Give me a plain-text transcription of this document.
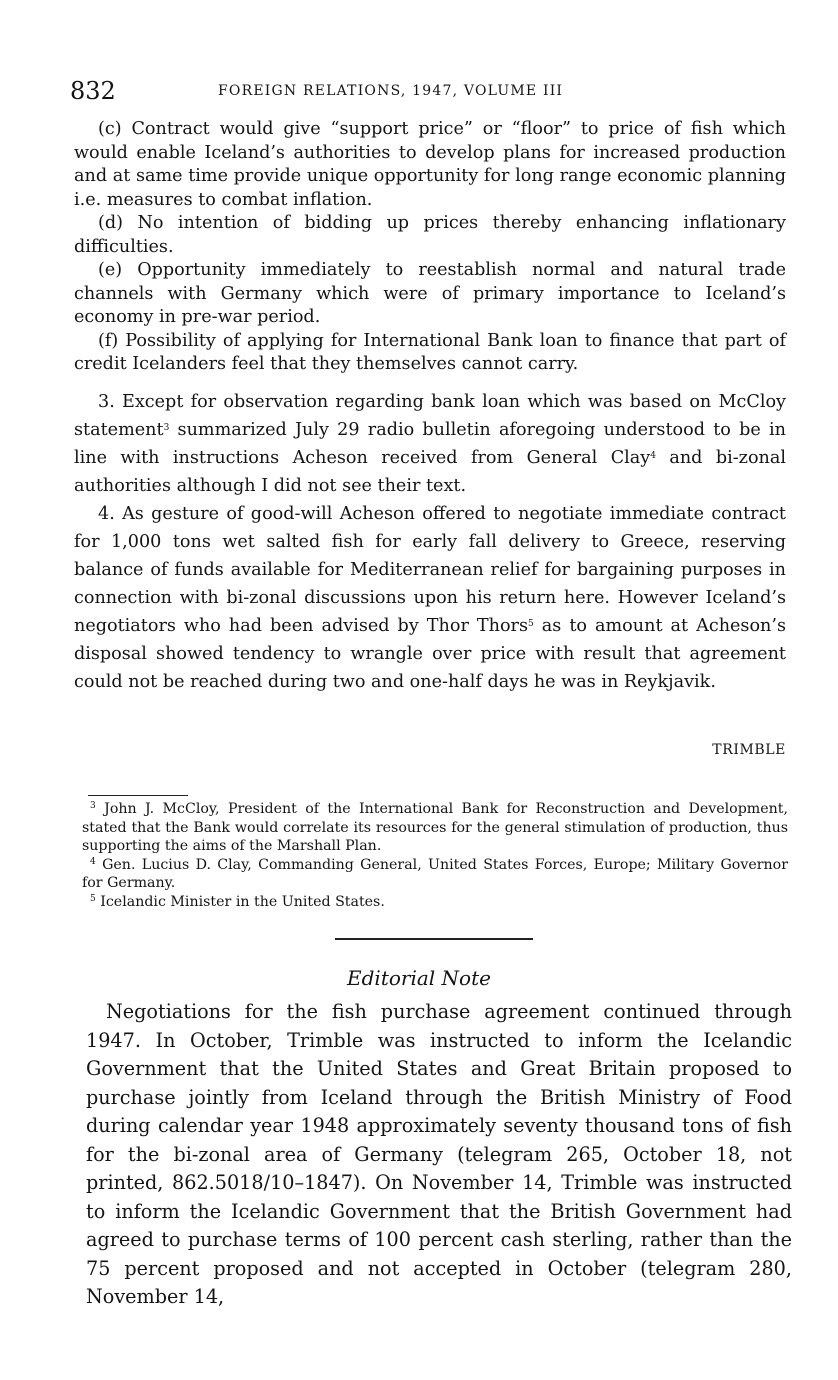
832	FOREIGN RELATIONS, 1947, VOLUME III

(c) Contract would give “support price” or “floor” to price of fish which would enable Iceland’s authorities to develop plans for increased production and at same time provide unique opportunity for long range economic planning i.e. measures to combat inflation.

(d) No intention of bidding up prices thereby enhancing inflationary difficulties.

(e) Opportunity immediately to reestablish normal and natural trade channels with Germany which were of primary importance to Iceland’s economy in pre-war period.

(f) Possibility of applying for International Bank loan to finance that part of credit Icelanders feel that they themselves cannot carry.

3. Except for observation regarding bank loan which was based on McCloy statement$^3$ summarized July 29 radio bulletin aforegoing understood to be in line with instructions Acheson received from General Clay$^4$ and bi-zonal authorities although I did not see their text.

4. As gesture of good-will Acheson offered to negotiate immediate contract for 1,000 tons wet salted fish for early fall delivery to Greece, reserving balance of funds available for Mediterranean relief for bargaining purposes in connection with bi-zonal discussions upon his return here. However Iceland’s negotiators who had been advised by Thor Thors$^5$ as to amount at Acheson’s disposal showed tendency to wrangle over price with result that agreement could not be reached during two and one-half days he was in Reykjavik.

TRIMBLE

$^3$ John J. McCloy, President of the International Bank for Reconstruction and Development, stated that the Bank would correlate its resources for the general stimulation of production, thus supporting the aims of the Marshall Plan.

$^4$ Gen. Lucius D. Clay, Commanding General, United States Forces, Europe; Military Governor for Germany.

$^5$ Icelandic Minister in the United States.

Editorial Note

Negotiations for the fish purchase agreement continued through 1947. In October, Trimble was instructed to inform the Icelandic Government that the United States and Great Britain proposed to purchase jointly from Iceland through the British Ministry of Food during calendar year 1948 approximately seventy thousand tons of fish for the bi-zonal area of Germany (telegram 265, October 18, not printed, 862.5018/10–1847). On November 14, Trimble was instructed to inform the Icelandic Government that the British Government had agreed to purchase terms of 100 percent cash sterling, rather than the 75 percent proposed and not accepted in October (telegram 280, November 14,
